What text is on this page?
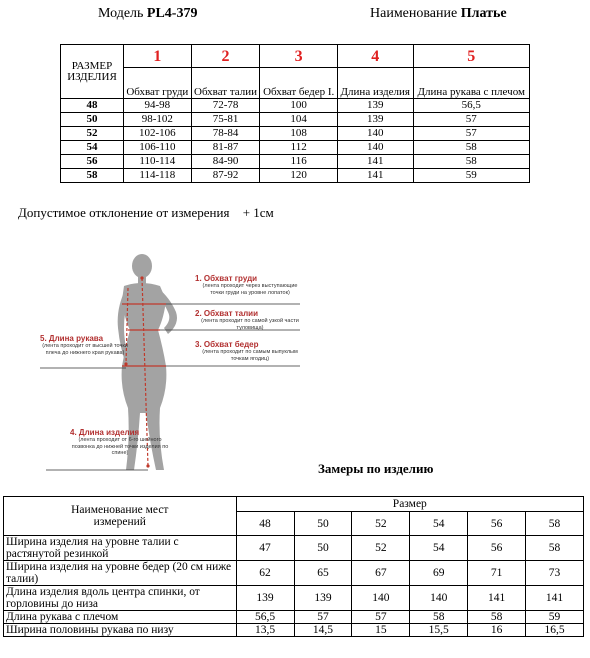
Модель PL4-379	Наименование Платье
РАЗМЕР ИЗДЕЛИЯ	1	2	3	4	5
	Обхват груди	Обхват талии	Обхват бедер I.	Длина изделия	Длина рукава с плечом
48	94-98	72-78	100	139	56,5
50	98-102	75-81	104	139	57
52	102-106	78-84	108	140	57
54	106-110	81-87	112	140	58
56	110-114	84-90	116	141	58
58	114-118	87-92	120	141	59
Допустимое отклонение от измерения + 1см
1. Обхват груди
(лента проходит через выступающие точки груди на уровне лопаток)
2. Обхват талии
(лента проходит по самой узкой части туловища)
3. Обхват бедер
(лента проходит по самым выпуклым точкам ягодиц)
5. Длина рукава
(лента проходит от высшей точки плеча до нижнего края рукава)
4. Длина изделия
(лента проходит от 6-го шейного позвонка до нижней точки изделия по спине)
Замеры по изделию
Наименование мест измерений	Размер					
	48	50	52	54	56	58
Ширина изделия на уровне талии с растянутой резинкой	47	50	52	54	56	58
Ширина изделия на уровне бедер (20 см ниже талии)	62	65	67	69	71	73
Длина изделия вдоль центра спинки, от горловины до низа	139	139	140	140	141	141
Длина рукава с плечом	56,5	57	57	58	58	59
Ширина половины рукава по низу	13,5	14,5	15	15,5	16	16,5
